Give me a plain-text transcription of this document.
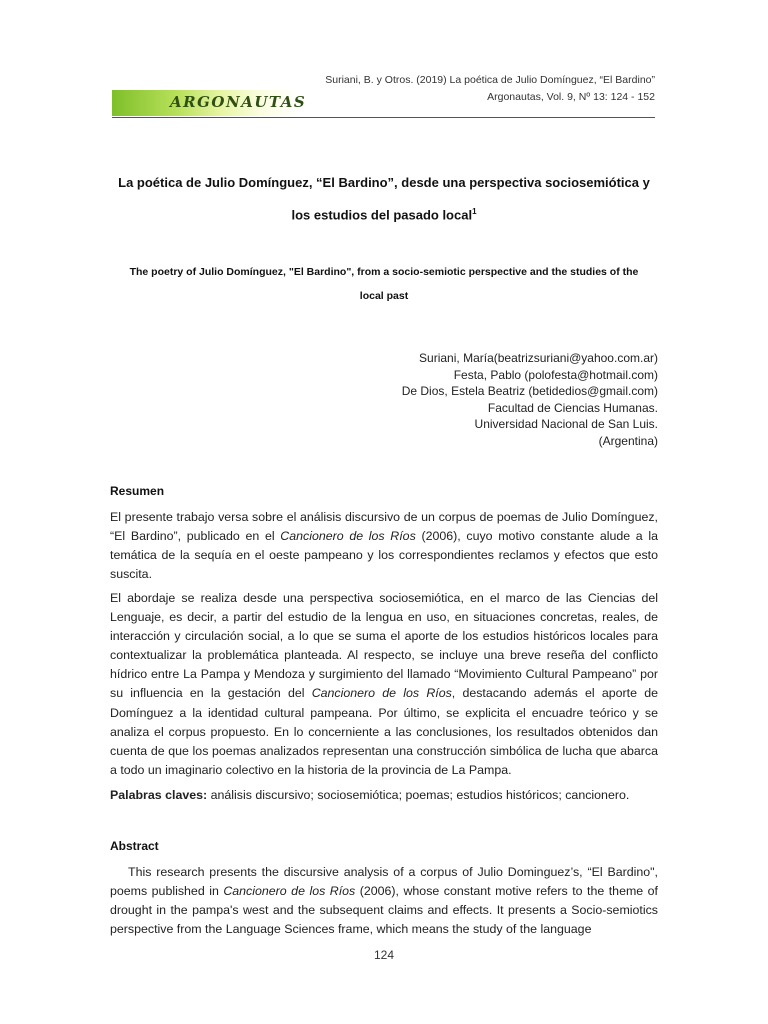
Suriani, B. y Otros. (2019) La poética de Julio Domínguez, “El Bardino”
Argonautas, Vol. 9, Nº 13: 124 - 152
ARGONAUTAS
La poética de Julio Domínguez, “El Bardino”, desde una perspectiva sociosemiótica y
los estudios del pasado local$^1$
The poetry of Julio Domínguez, "El Bardino", from a socio-semiotic perspective and the studies of the
local past
Suriani, María(beatrizsuriani@yahoo.com.ar)
Festa, Pablo (polofesta@hotmail.com)
De Dios, Estela Beatriz (betidedios@gmail.com)
Facultad de Ciencias Humanas.
Universidad Nacional de San Luis.
(Argentina)
Resumen
El presente trabajo versa sobre el análisis discursivo de un corpus de poemas de Julio Domínguez, “El Bardino”, publicado en el Cancionero de los Ríos (2006), cuyo motivo constante alude a la temática de la sequía en el oeste pampeano y los correspondientes reclamos y efectos que esto suscita.
El abordaje se realiza desde una perspectiva sociosemiótica, en el marco de las Ciencias del Lenguaje, es decir, a partir del estudio de la lengua en uso, en situaciones concretas, reales, de interacción y circulación social, a lo que se suma el aporte de los estudios históricos locales para contextualizar la problemática planteada. Al respecto, se incluye una breve reseña del conflicto hídrico entre La Pampa y Mendoza y surgimiento del llamado “Movimiento Cultural Pampeano” por su influencia en la gestación del Cancionero de los Ríos, destacando además el aporte de Domínguez a la identidad cultural pampeana. Por último, se explicita el encuadre teórico y se analiza el corpus propuesto. En lo concerniente a las conclusiones, los resultados obtenidos dan cuenta de que los poemas analizados representan una construcción simbólica de lucha que abarca a todo un imaginario colectivo en la historia de la provincia de La Pampa.
Palabras claves: análisis discursivo; sociosemiótica; poemas; estudios históricos; cancionero.
Abstract
This research presents the discursive analysis of a corpus of Julio Dominguez’s, “El Bardino", poems published in Cancionero de los Ríos (2006), whose constant motive refers to the theme of drought in the pampa's west and the subsequent claims and effects. It presents a Socio-semiotics perspective from the Language Sciences frame, which means the study of the language
124
